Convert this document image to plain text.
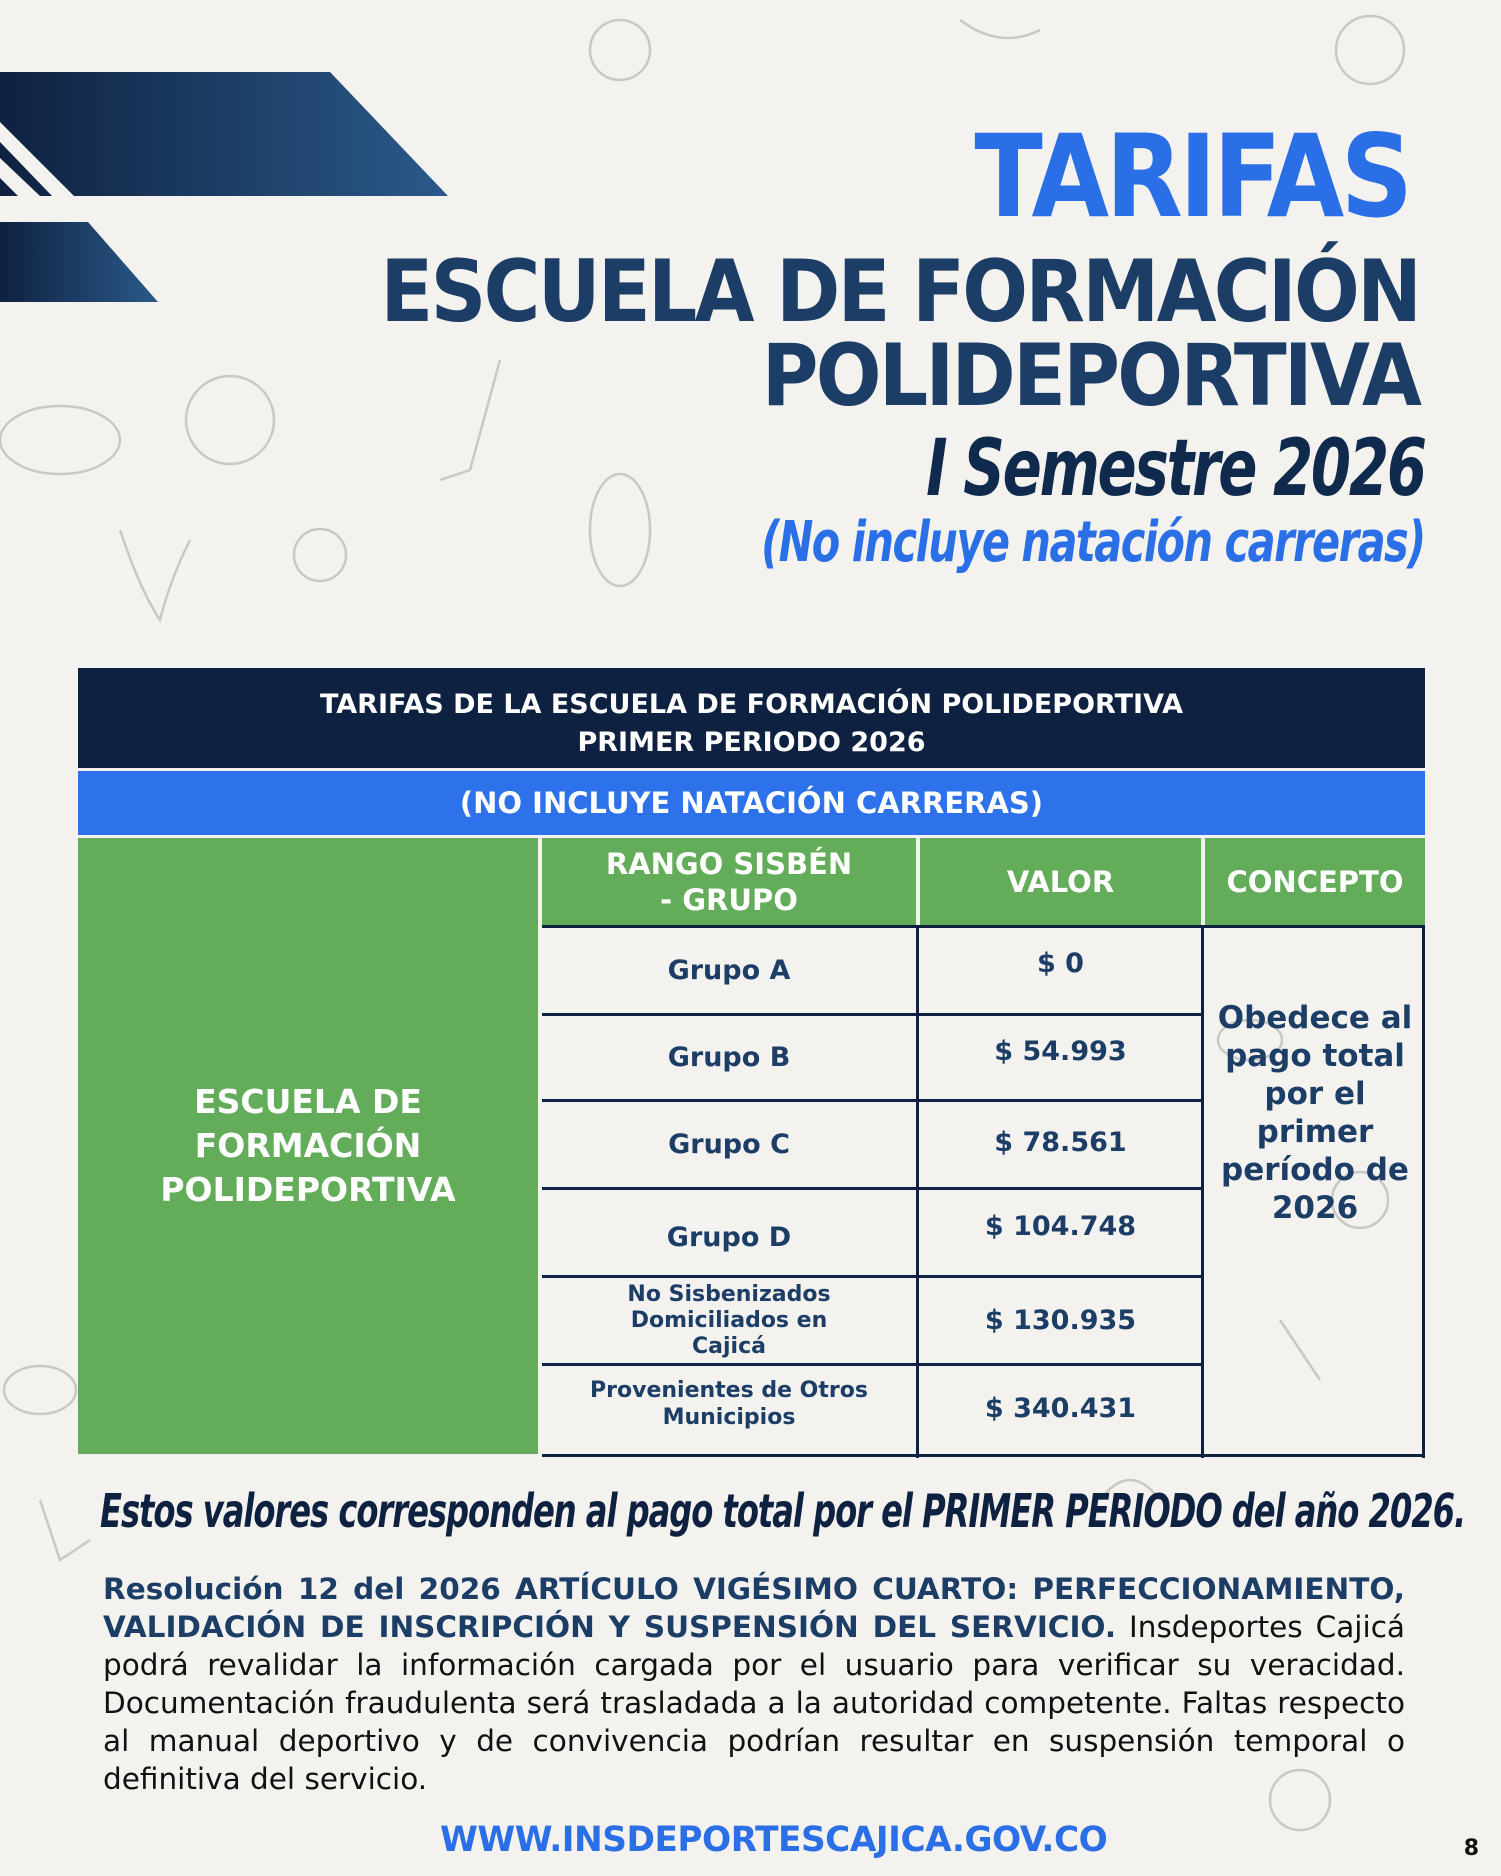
TARIFAS
ESCUELA DE FORMACIÓN
POLIDEPORTIVA
I Semestre 2026
(No incluye natación carreras)
TARIFAS DE LA ESCUELA DE FORMACIÓN POLIDEPORTIVA
PRIMER PERIODO 2026
(NO INCLUYE NATACIÓN CARRERAS)
ESCUELA DE
FORMACIÓN
POLIDEPORTIVA
RANGO SISBÉN
- GRUPO
VALOR	CONCEPTO
Grupo A	$ 0
Grupo B	$ 54.993
Grupo C	$ 78.561
Grupo D	$ 104.748
No Sisbenizados
Domiciliados en
Cajicá
$ 130.935
Provenientes de Otros
Municipios	$ 340.431
Obedece al
pago total
por el primer
período de
2026
Estos valores corresponden al pago total por el PRIMER PERIODO del año 2026.
Resolución 12 del 2026 ARTÍCULO VIGÉSIMO CUARTO: PERFECCIONAMIENTO, VALIDACIÓN DE INSCRIPCIÓN Y SUSPENSIÓN DEL SERVICIO. Insdeportes Cajicá podrá revalidar la información cargada por el usuario para verificar su veracidad. Documentación fraudulenta será trasladada a la autoridad competente. Faltas respecto al manual deportivo y de convivencia podrían resultar en suspensión temporal o definitiva del servicio.
WWW.INSDEPORTESCAJICA.GOV.CO	8
